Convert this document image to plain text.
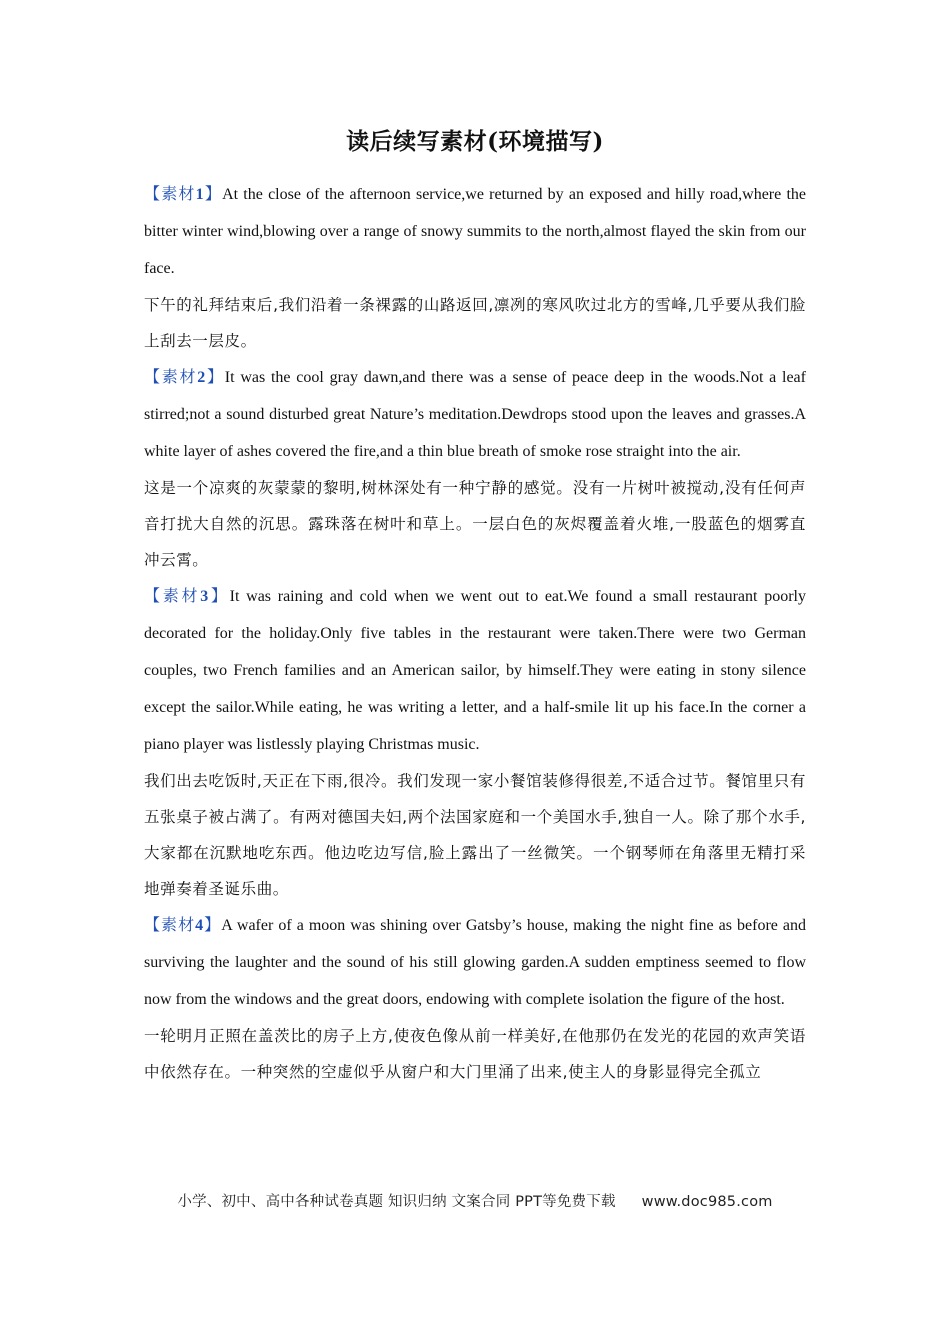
读后续写素材(环境描写)

【素材1】At the close of the afternoon service,we returned by an exposed and hilly road,where the bitter winter wind,blowing over a range of snowy summits to the north,almost flayed the skin from our face.

下午的礼拜结束后,我们沿着一条裸露的山路返回,凛冽的寒风吹过北方的雪峰,几乎要从我们脸上刮去一层皮。

【素材2】It was the cool gray dawn,and there was a sense of peace deep in the woods.Not a leaf stirred;not a sound disturbed great Nature’s meditation.Dewdrops stood upon the leaves and grasses.A white layer of ashes covered the fire,and a thin blue breath of smoke rose straight into the air.

这是一个凉爽的灰蒙蒙的黎明,树林深处有一种宁静的感觉。没有一片树叶被搅动,没有任何声音打扰大自然的沉思。露珠落在树叶和草上。一层白色的灰烬覆盖着火堆,一股蓝色的烟雾直冲云霄。

【素材3】It was raining and cold when we went out to eat.We found a small restaurant poorly decorated for the holiday.Only five tables in the restaurant were taken.There were two German couples, two French families and an American sailor, by himself.They were eating in stony silence except the sailor.While eating, he was writing a letter, and a half-smile lit up his face.In the corner a piano player was listlessly playing Christmas music.

我们出去吃饭时,天正在下雨,很冷。我们发现一家小餐馆装修得很差,不适合过节。餐馆里只有五张桌子被占满了。有两对德国夫妇,两个法国家庭和一个美国水手,独自一人。除了那个水手,大家都在沉默地吃东西。他边吃边写信,脸上露出了一丝微笑。一个钢琴师在角落里无精打采地弹奏着圣诞乐曲。

【素材4】A wafer of a moon was shining over Gatsby’s house, making the night fine as before and surviving the laughter and the sound of his still glowing garden.A sudden emptiness seemed to flow now from the windows and the great doors, endowing with complete isolation the figure of the host.

一轮明月正照在盖茨比的房子上方,使夜色像从前一样美好,在他那仍在发光的花园的欢声笑语中依然存在。一种突然的空虚似乎从窗户和大门里涌了出来,使主人的身影显得完全孤立

小学、初中、高中各种试卷真题 知识归纳 文案合同 PPT等免费下载 www.doc985.com
